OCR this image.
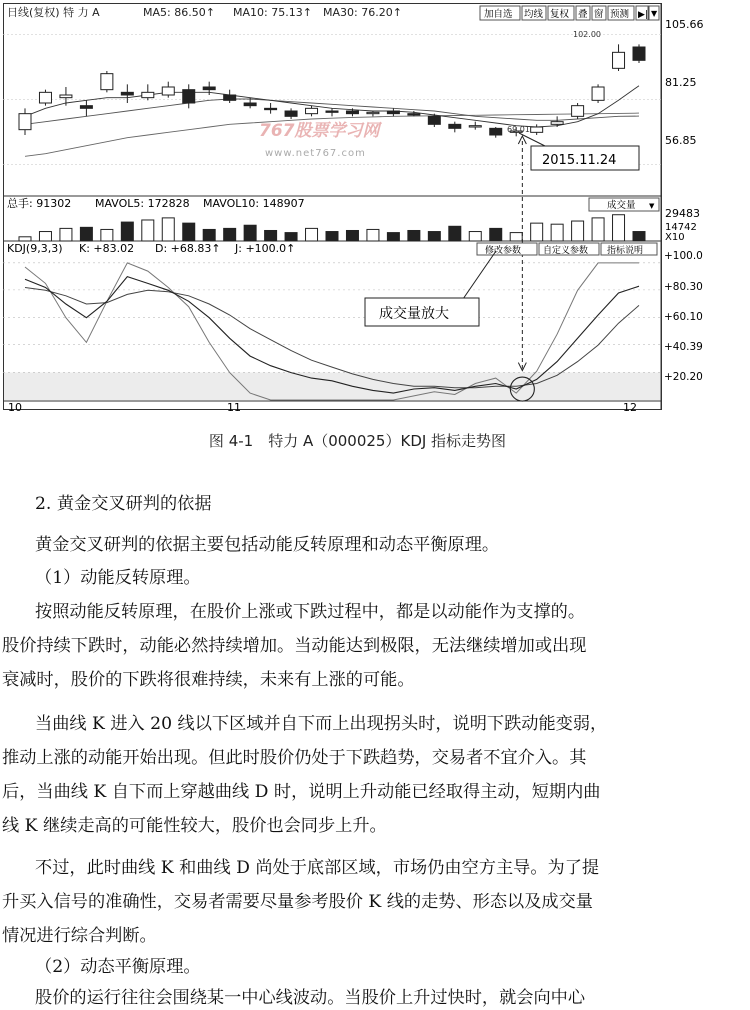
日线(复权) 特 力 A	MA5: 86.50↑ MA10: 75.13↑ MA30: 76.20↑	加自选 均线 复权 叠 窗 预测 ▶| ▼
105.66
81.25
56.85
102.00
69.01
767股票学习网
www.net767.com	2015.11.24
总手: 91302 MAVOL5: 172828 MAVOL10: 148907	成交量 ▼
29483
14742
X10
KDJ(9,3,3) K: +83.02 D: +68.83↑ J: +100.0↑	修改参数 自定义参数 指标说明 +100.0
+80.30
+60.10
+40.39
+20.20
成交量放大
10	11	12
图 4-1　特力 A（000025）KDJ 指标走势图
2. 黄金交叉研判的依据
黄金交叉研判的依据主要包括动能反转原理和动态平衡原理。
（1）动能反转原理。
按照动能反转原理，在股价上涨或下跌过程中，都是以动能作为支撑的。
股价持续下跌时，动能必然持续增加。当动能达到极限，无法继续增加或出现
衰减时，股价的下跌将很难持续，未来有上涨的可能。
当曲线 K 进入 20 线以下区域并自下而上出现拐头时，说明下跌动能变弱，
推动上涨的动能开始出现。但此时股价仍处于下跌趋势，交易者不宜介入。其
后，当曲线 K 自下而上穿越曲线 D 时，说明上升动能已经取得主动，短期内曲
线 K 继续走高的可能性较大，股价也会同步上升。
不过，此时曲线 K 和曲线 D 尚处于底部区域，市场仍由空方主导。为了提
升买入信号的准确性，交易者需要尽量参考股价 K 线的走势、形态以及成交量
情况进行综合判断。
（2）动态平衡原理。
股价的运行往往会围绕某一中心线波动。当股价上升过快时，就会向中心
